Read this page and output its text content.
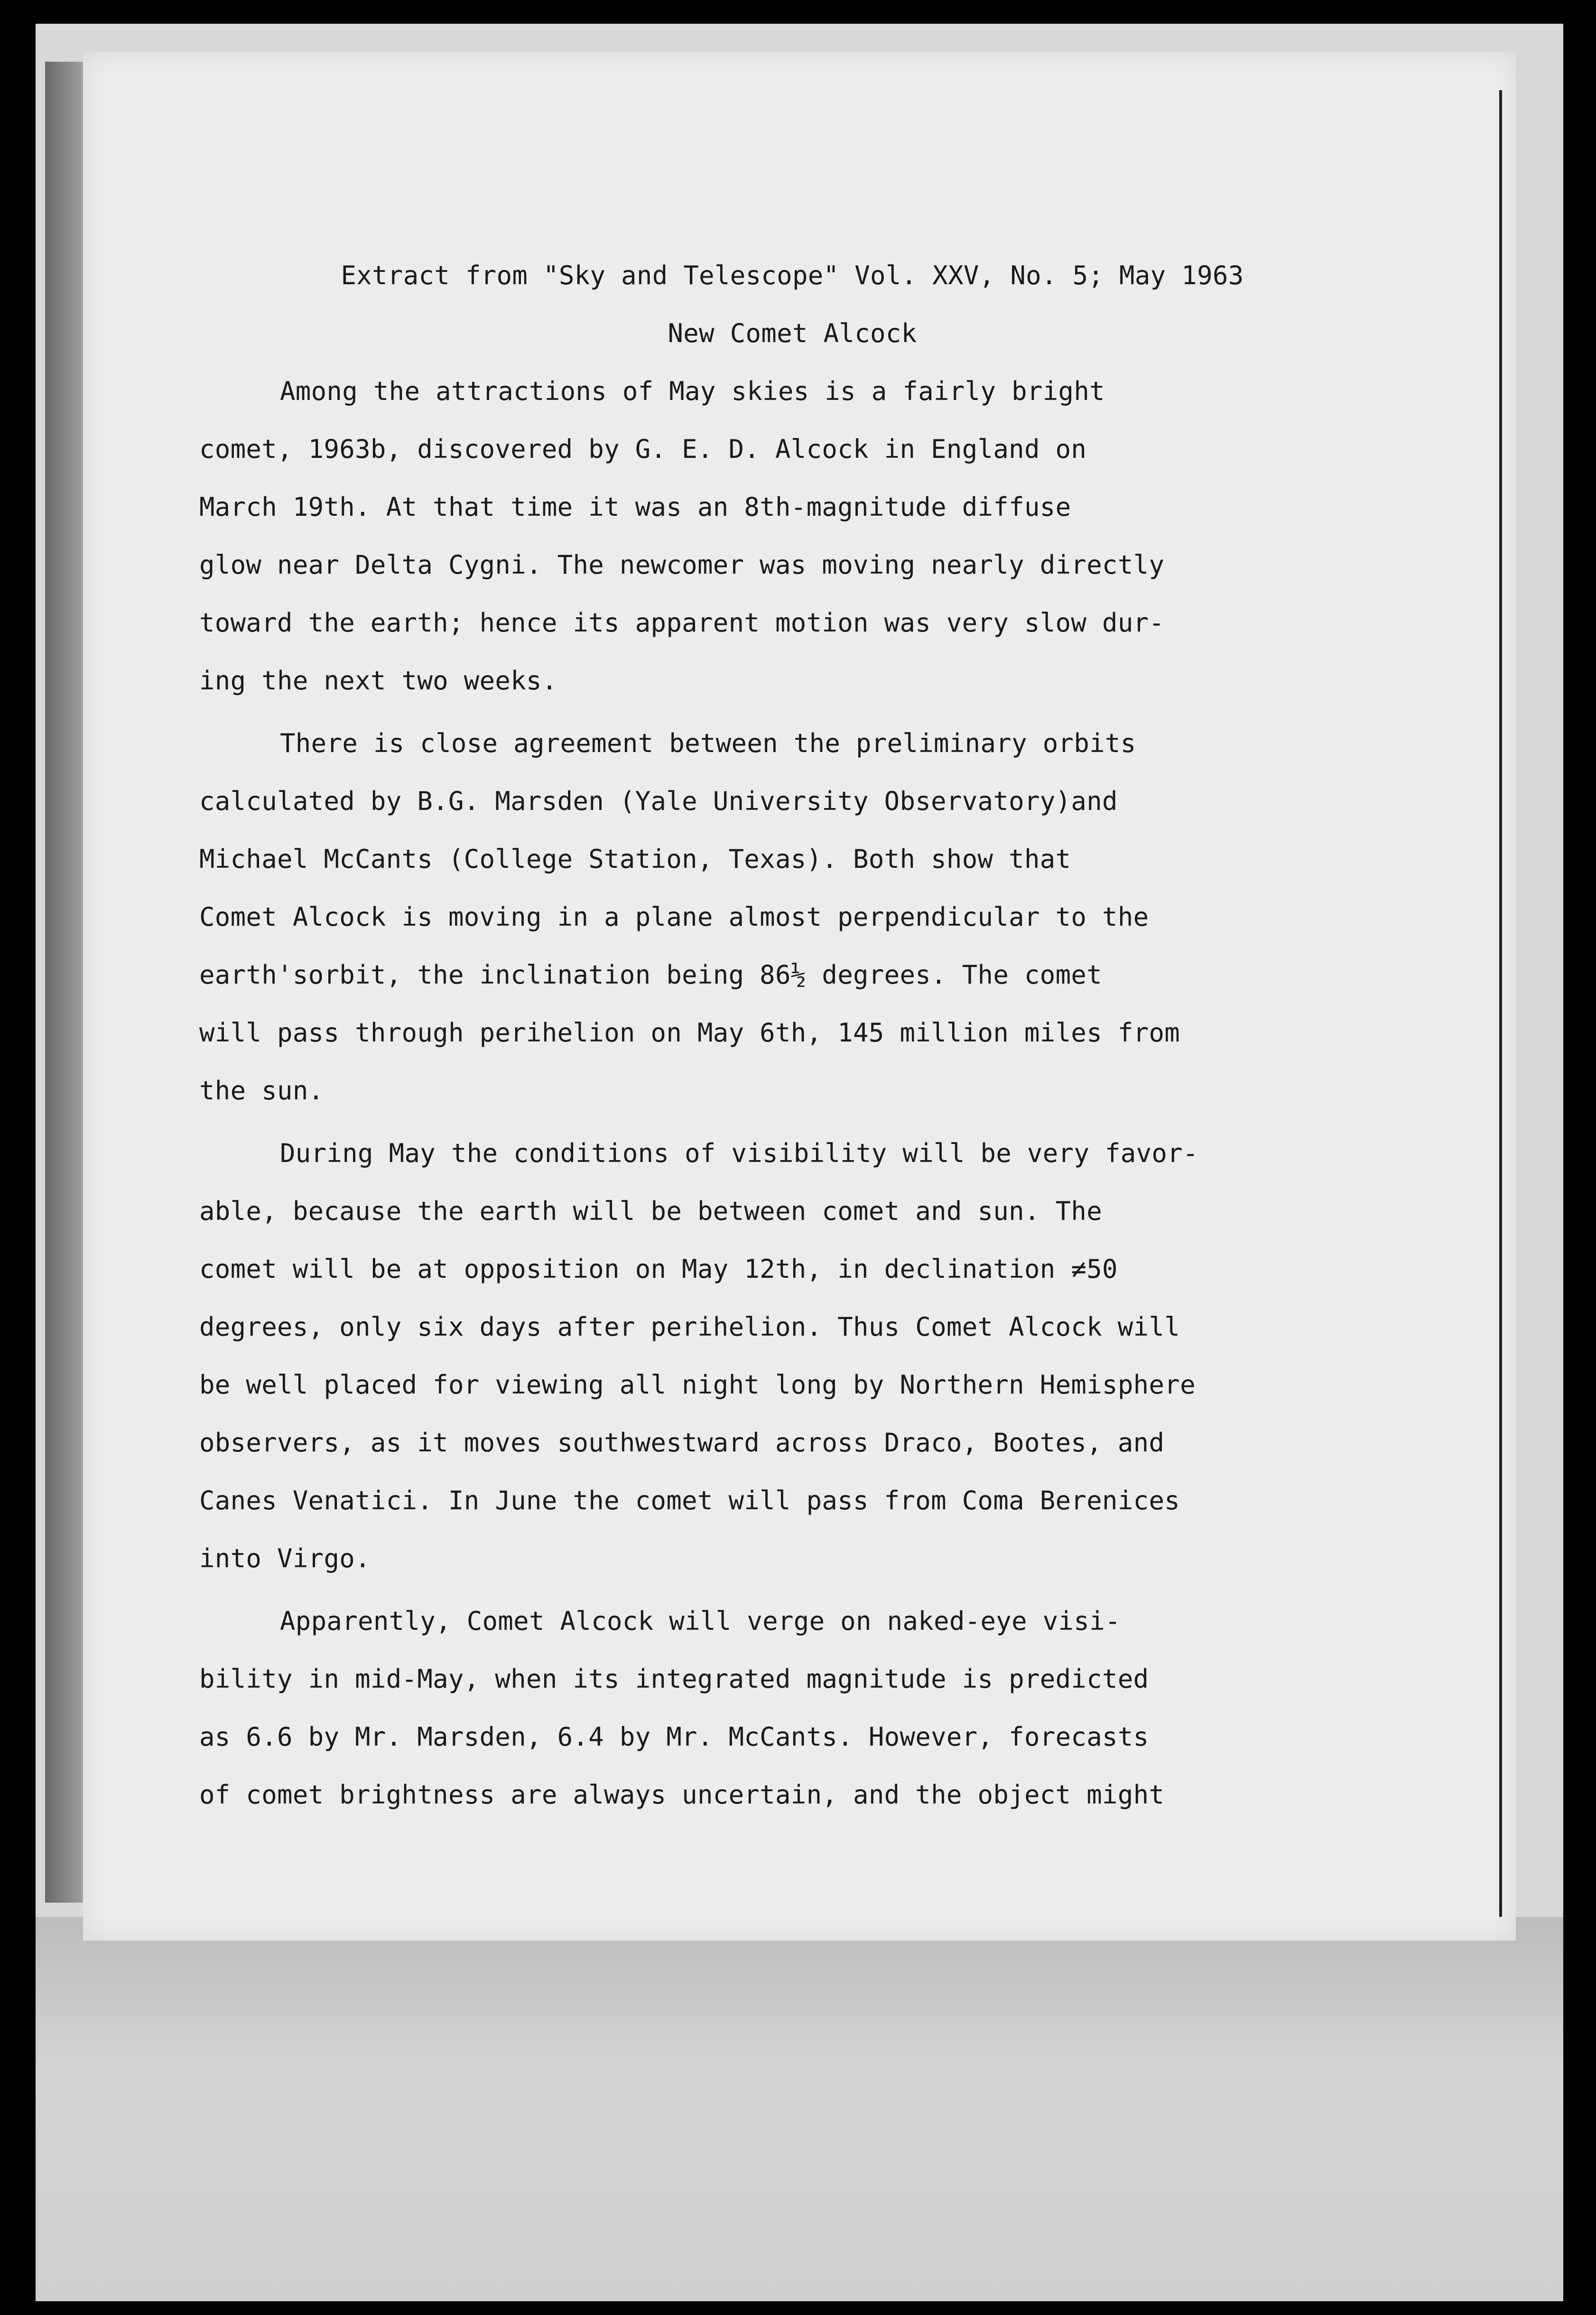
Extract from "Sky and Telescope" Vol. XXV, No. 5; May 1963

New Comet Alcock

Among the attractions of May skies is a fairly bright
comet, 1963b, discovered by G. E. D. Alcock in England on
March 19th. At that time it was an 8th-magnitude diffuse
glow near Delta Cygni. The newcomer was moving nearly directly
toward the earth; hence its apparent motion was very slow dur-
ing the next two weeks.

There is close agreement between the preliminary orbits
calculated by B.G. Marsden (Yale University Observatory)and
Michael McCants (College Station, Texas). Both show that
Comet Alcock is moving in a plane almost perpendicular to the
earth'sorbit, the inclination being 86½ degrees. The comet
will pass through perihelion on May 6th, 145 million miles from
the sun.

During May the conditions of visibility will be very favor-
able, because the earth will be between comet and sun. The
comet will be at opposition on May 12th, in declination ≠50
degrees, only six days after perihelion. Thus Comet Alcock will
be well placed for viewing all night long by Northern Hemisphere
observers, as it moves southwestward across Draco, Bootes, and
Canes Venatici. In June the comet will pass from Coma Berenices
into Virgo.

Apparently, Comet Alcock will verge on naked-eye visi-
bility in mid-May, when its integrated magnitude is predicted
as 6.6 by Mr. Marsden, 6.4 by Mr. McCants. However, forecasts
of comet brightness are always uncertain, and the object might
